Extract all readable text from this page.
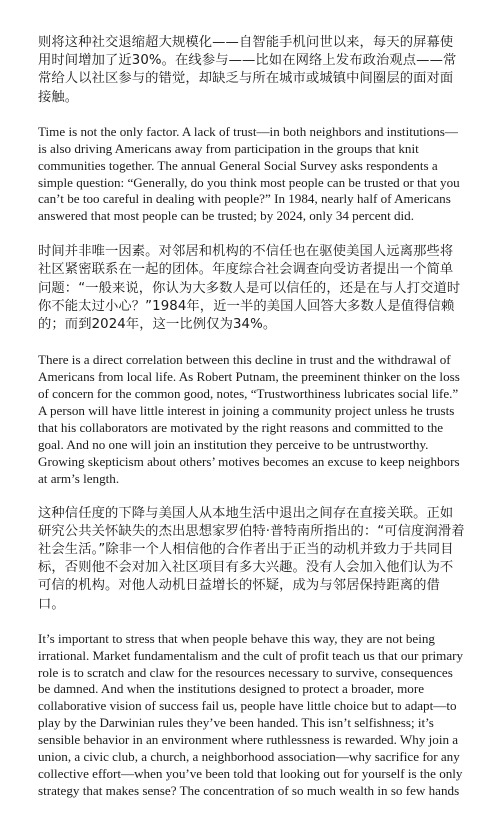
则将这种社交退缩超大规模化——自智能手机问世以来，每天的屏幕使用时间增加了近30%。在线参与——比如在网络上发布政治观点——常常给人以社区参与的错觉，却缺乏与所在城市或城镇中间圈层的面对面接触。

Time is not the only factor. A lack of trust—in both neighbors and institutions—is also driving Americans away from participation in the groups that knit communities together. The annual General Social Survey asks respondents a simple question: “Generally, do you think most people can be trusted or that you can’t be too careful in dealing with people?” In 1984, nearly half of Americans answered that most people can be trusted; by 2024, only 34 percent did.

时间并非唯一因素。对邻居和机构的不信任也在驱使美国人远离那些将社区紧密联系在一起的团体。年度综合社会调查向受访者提出一个简单问题：“一般来说，你认为大多数人是可以信任的，还是在与人打交道时你不能太过小心？”1984年，近一半的美国人回答大多数人是值得信赖的；而到2024年，这一比例仅为34%。

There is a direct correlation between this decline in trust and the withdrawal of Americans from local life. As Robert Putnam, the preeminent thinker on the loss of concern for the common good, notes, “Trustworthiness lubricates social life.” A person will have little interest in joining a community project unless he trusts that his collaborators are motivated by the right reasons and committed to the goal. And no one will join an institution they perceive to be untrustworthy. Growing skepticism about others’ motives becomes an excuse to keep neighbors at arm’s length.

这种信任度的下降与美国人从本地生活中退出之间存在直接关联。正如研究公共关怀缺失的杰出思想家罗伯特·普特南所指出的：“可信度润滑着社会生活。”除非一个人相信他的合作者出于正当的动机并致力于共同目标，否则他不会对加入社区项目有多大兴趣。没有人会加入他们认为不可信的机构。对他人动机日益增长的怀疑，成为与邻居保持距离的借口。

It’s important to stress that when people behave this way, they are not being irrational. Market fundamentalism and the cult of profit teach us that our primary role is to scratch and claw for the resources necessary to survive, consequences be damned. And when the institutions designed to protect a broader, more collaborative vision of success fail us, people have little choice but to adapt—to play by the Darwinian rules they’ve been handed. This isn’t selfishness; it’s sensible behavior in an environment where ruthlessness is rewarded. Why join a union, a civic club, a church, a neighborhood association—why sacrifice for any collective effort—when you’ve been told that looking out for yourself is the only strategy that makes sense? The concentration of so much wealth in so few hands
